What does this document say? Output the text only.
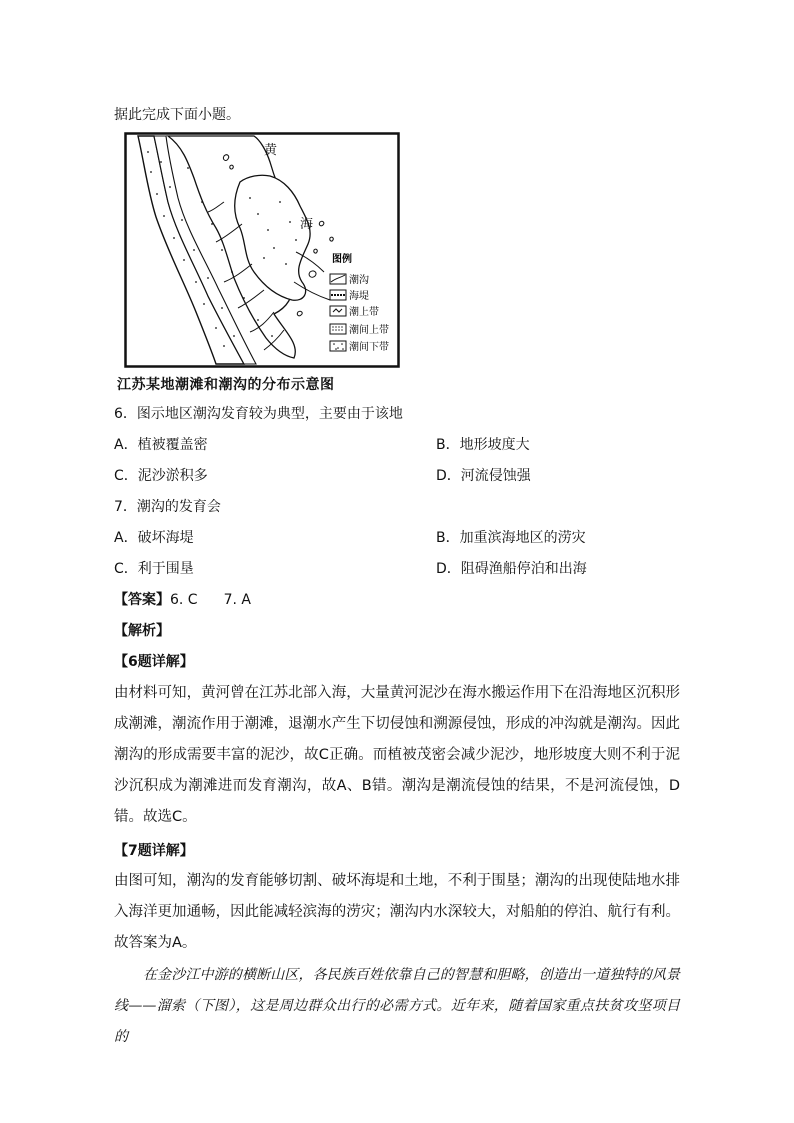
据此完成下面小题。
黄
海
图例
潮沟
海堤
潮上带
潮间上带
潮间下带
江苏某地潮滩和潮沟的分布示意图
6．图示地区潮沟发育较为典型，主要由于该地
A．植被覆盖密	B．地形坡度大
C．泥沙淤积多	D．河流侵蚀强
7．潮沟的发育会
A．破坏海堤	B．加重滨海地区的涝灾
C．利于围垦	D．阻碍渔船停泊和出海
【答案】6. C 7. A
【解析】
【6题详解】
由材料可知，黄河曾在江苏北部入海，大量黄河泥沙在海水搬运作用下在沿海地区沉积形成潮滩，潮流作用于潮滩，退潮水产生下切侵蚀和溯源侵蚀，形成的冲沟就是潮沟。因此潮沟的形成需要丰富的泥沙，故C正确。而植被茂密会减少泥沙，地形坡度大则不利于泥沙沉积成为潮滩进而发育潮沟，故A、B错。潮沟是潮流侵蚀的结果，不是河流侵蚀，D错。故选C。
【7题详解】
由图可知，潮沟的发育能够切割、破坏海堤和土地，不利于围垦；潮沟的出现使陆地水排入海洋更加通畅，因此能减轻滨海的涝灾；潮沟内水深较大，对船舶的停泊、航行有利。故答案为A。
在金沙江中游的横断山区，各民族百姓依靠自己的智慧和胆略，创造出一道独特的风景线——溜索（下图），这是周边群众出行的必需方式。近年来，随着国家重点扶贫攻坚项目的
